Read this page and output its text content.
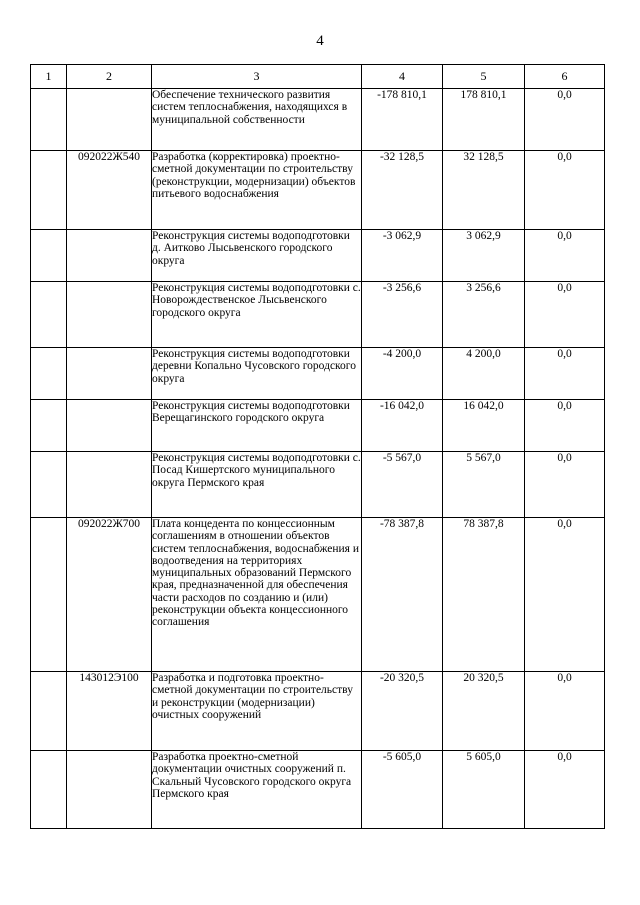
4
1	2	3	4	5	6
		Обеспечение технического развития систем теплоснабжения, находящихся в муниципальной собственности	-178 810,1	178 810,1	0,0
	092022Ж540	Разработка (корректировка) проектно-сметной документации по строительству (реконструкции, модернизации) объектов питьевого водоснабжения	-32 128,5	32 128,5	0,0
		Реконструкция системы водоподготовки д. Аитково Лысьвенского городского округа	-3 062,9	3 062,9	0,0
		Реконструкция системы водоподготовки с. Новорождественское Лысьвенского городского округа	-3 256,6	3 256,6	0,0
		Реконструкция системы водоподготовки деревни Копально Чусовского городского округа	-4 200,0	4 200,0	0,0
		Реконструкция системы водоподготовки Верещагинского городского округа	-16 042,0	16 042,0	0,0
		Реконструкция системы водоподготовки с. Посад Кишертского муниципального округа Пермского края	-5 567,0	5 567,0	0,0
	092022Ж700	Плата концедента по концессионным соглашениям в отношении объектов систем теплоснабжения, водоснабжения и водоотведения на территориях муниципальных образований Пермского края, предназначенной для обеспечения части расходов по созданию и (или) реконструкции объекта концессионного соглашения	-78 387,8	78 387,8	0,0
	143012Э100	Разработка и подготовка проектно-сметной документации по строительству и реконструкции (модернизации) очистных сооружений	-20 320,5	20 320,5	0,0
		Разработка проектно-сметной документации очистных сооружений п. Скальный Чусовского городского округа Пермского края	-5 605,0	5 605,0	0,0
